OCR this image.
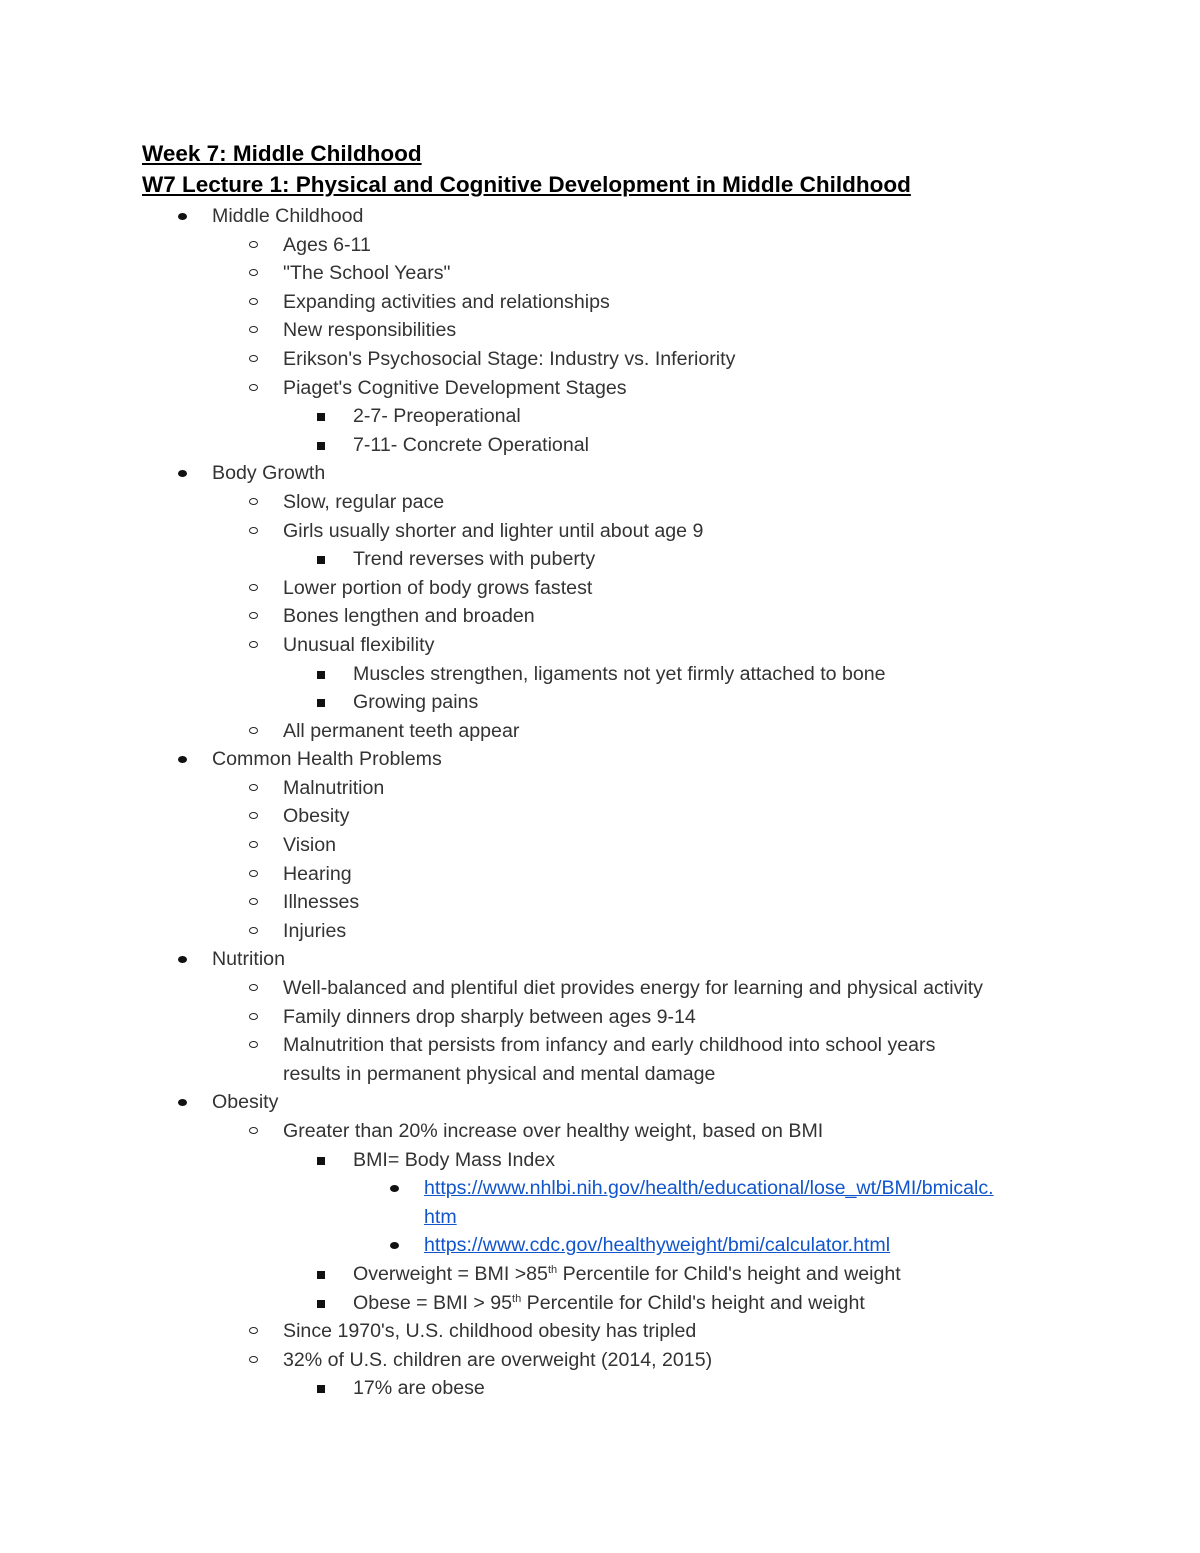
Week 7: Middle Childhood
W7 Lecture 1: Physical and Cognitive Development in Middle Childhood
Middle Childhood
Ages 6-11
"The School Years"
Expanding activities and relationships
New responsibilities
Erikson's Psychosocial Stage: Industry vs. Inferiority
Piaget's Cognitive Development Stages
2-7- Preoperational
7-11- Concrete Operational
Body Growth
Slow, regular pace
Girls usually shorter and lighter until about age 9
Trend reverses with puberty
Lower portion of body grows fastest
Bones lengthen and broaden
Unusual flexibility
Muscles strengthen, ligaments not yet firmly attached to bone
Growing pains
All permanent teeth appear
Common Health Problems
Malnutrition
Obesity
Vision
Hearing
Illnesses
Injuries
Nutrition
Well-balanced and plentiful diet provides energy for learning and physical activity
Family dinners drop sharply between ages 9-14
Malnutrition that persists from infancy and early childhood into school years
results in permanent physical and mental damage
Obesity
Greater than 20% increase over healthy weight, based on BMI
BMI= Body Mass Index
https://www.nhlbi.nih.gov/health/educational/lose_wt/BMI/bmicalc.
htm
https://www.cdc.gov/healthyweight/bmi/calculator.html
Overweight = BMI >85th Percentile for Child's height and weight
Obese = BMI > 95th Percentile for Child's height and weight
Since 1970's, U.S. childhood obesity has tripled
32% of U.S. children are overweight (2014, 2015)
17% are obese
